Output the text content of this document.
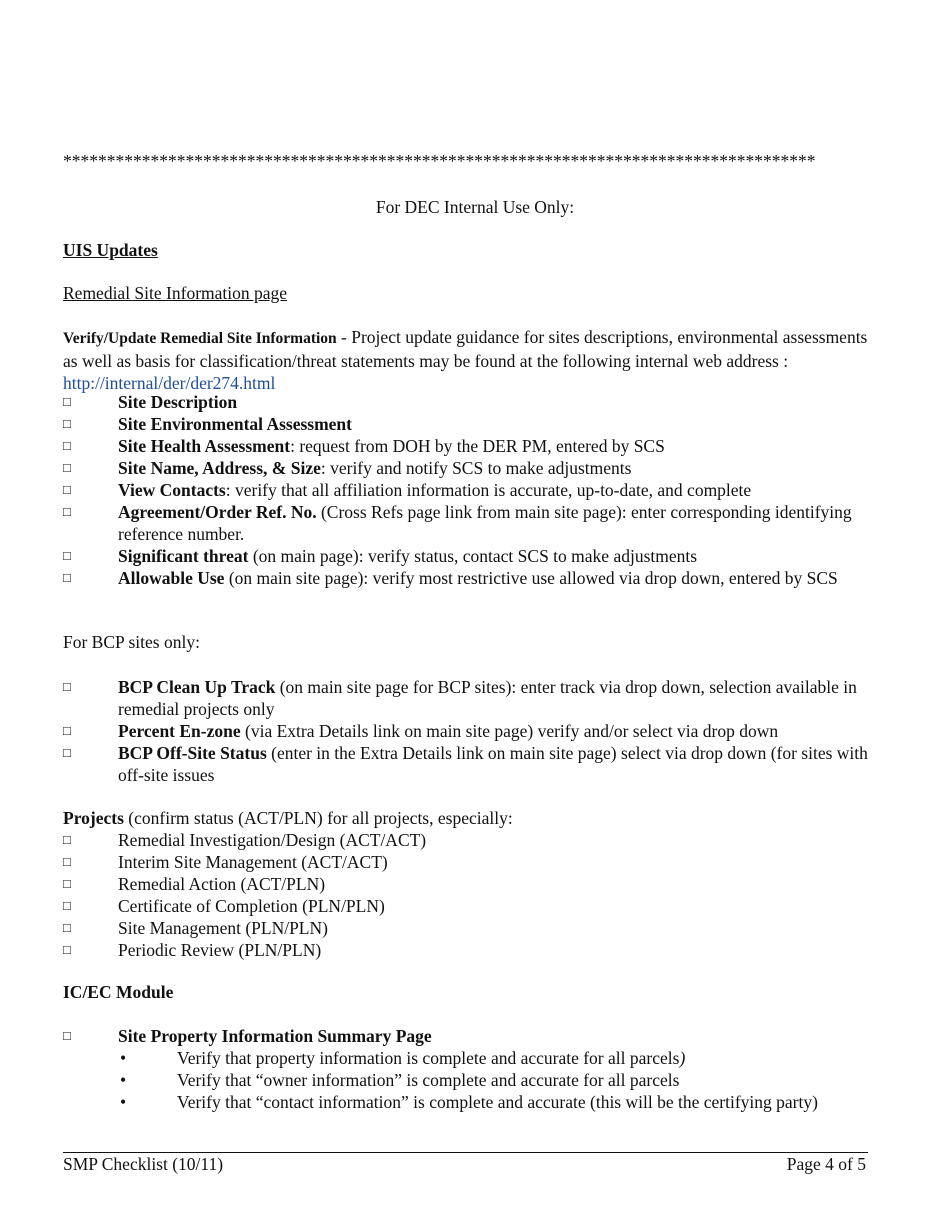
**************************************************************************************
For DEC Internal Use Only:
UIS Updates
Remedial Site Information page

Verify/Update Remedial Site Information - Project update guidance for sites descriptions, environmental assessments as well as basis for classification/threat statements may be found at the following internal web address : http://internal/der/der274.html

□	Site Description
□	Site Environmental Assessment
□	Site Health Assessment: request from DOH by the DER PM, entered by SCS
□	Site Name, Address, & Size: verify and notify SCS to make adjustments
□	View Contacts: verify that all affiliation information is accurate, up-to-date, and complete
□	Agreement/Order Ref. No. (Cross Refs page link from main site page): enter corresponding identifying reference number.
□	Significant threat (on main page): verify status, contact SCS to make adjustments
□	Allowable Use (on main site page): verify most restrictive use allowed via drop down, entered by SCS
For BCP sites only:
□	BCP Clean Up Track (on main site page for BCP sites): enter track via drop down, selection available in remedial projects only
□	Percent En-zone (via Extra Details link on main site page) verify and/or select via drop down
□	BCP Off-Site Status (enter in the Extra Details link on main site page) select via drop down (for sites with off-site issues
Projects (confirm status (ACT/PLN) for all projects, especially:
□	Remedial Investigation/Design (ACT/ACT)
□	Interim Site Management (ACT/ACT)
□	Remedial Action (ACT/PLN)
□	Certificate of Completion (PLN/PLN)
□	Site Management (PLN/PLN)
□	Periodic Review (PLN/PLN)
IC/EC Module
□	Site Property Information Summary Page
•	Verify that property information is complete and accurate for all parcels)
•	Verify that “owner information” is complete and accurate for all parcels
•	Verify that “contact information” is complete and accurate (this will be the certifying party)
SMP Checklist (10/11)	Page 4 of 5
